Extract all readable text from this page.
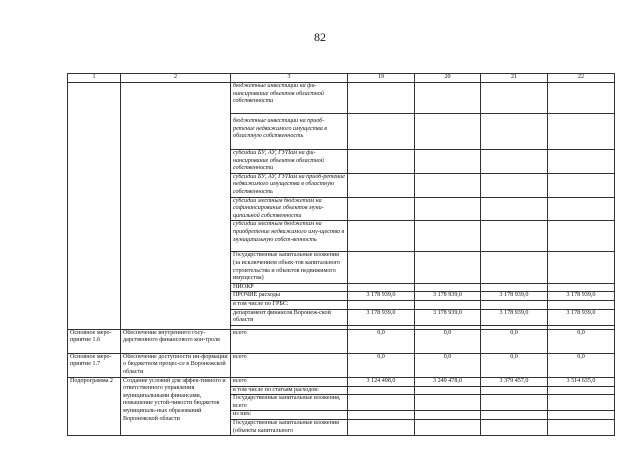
82
1	2	3	19	20	21	22
		бюджетные инвестиции на фи-нансирование объектов областной собственности				
		бюджетные инвестиции на приоб-ретение недвижимого имущества в областную собственность				
		субсидии БУ, АУ, ГУПам на фи-нансирование объектов областной собственности				
		субсидии БУ, АУ, ГУПам на приоб-ретение недвижимого имущества в областную собственность				
		субсидии местным бюджетам на софинансирование объектов муни-ципальной собственности				
		субсидии местным бюджетам на приобретение недвижимого иму-щества в муниципальную собст-венность				
		Государственные капитальные вложения (за исключением объек-тов капитального строительства и объектов недвижимого имущества)				
		НИОКР				
		ПРОЧИЕ расходы	3 178 939,0	3 178 939,0	3 178 939,0	3 178 939,0
		в том числе по ГРБС:				
		департамент финансов Воронеж-ской области	3 178 939,0	3 178 939,0	3 178 939,0	3 178 939,0

Основное меро-приятие 1.6	Обеспечение внутреннего госу-дарственного финансового кон-троля	всего	0,0	0,0	0,0	0,0
Основное меро-приятие 1.7	Обеспечение доступности ин-формации о бюджетном процес-се в Воронежской области	всего	0,0	0,0	0,0	0,0
Подпрограмма 2	Создание условий для эффек-тивного и ответственного управления муниципальными финансами, повышение устой-чивости бюджетов муниципаль-ных образований Воронежской области	всего	3 124 498,0	3 249 478,0	3 379 457,0	3 514 635,0
		в том числе по статьям расходов:				
		Государственные капитальные вложения, всего				
		из них:				
		Государственные капитальные вложения (объекты капитального				
